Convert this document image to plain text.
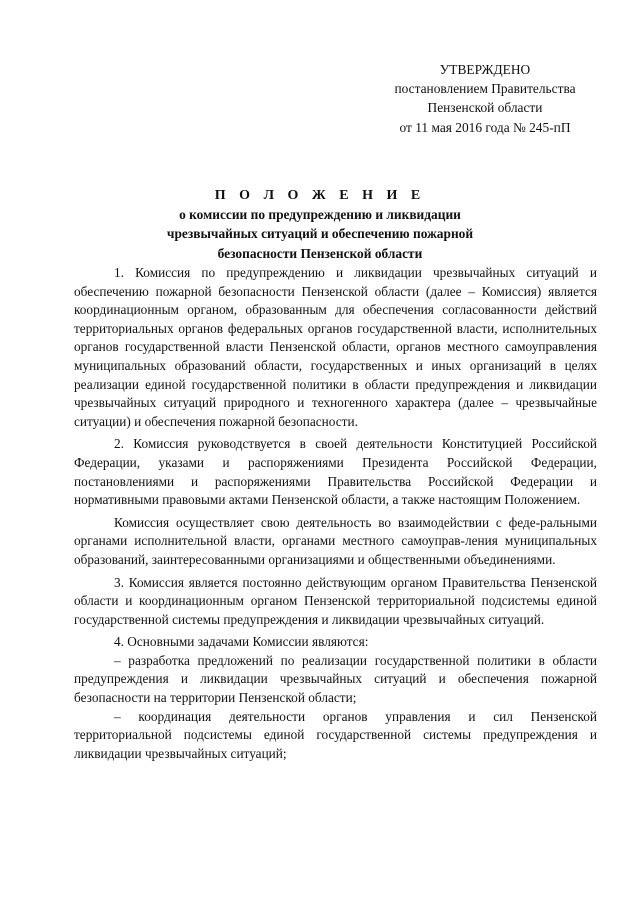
УТВЕРЖДЕНО
постановлением Правительства
Пензенской области
от 11 мая 2016 года № 245-пП
П О Л О Ж Е Н И Е
о комиссии по предупреждению и ликвидации
чрезвычайных ситуаций и обеспечению пожарной
безопасности Пензенской области

1. Комиссия по предупреждению и ликвидации чрезвычайных ситуаций и обеспечению пожарной безопасности Пензенской области (далее – Комиссия) является координационным органом, образованным для обеспечения согласованности действий территориальных органов федеральных органов государственной власти, исполнительных органов государственной власти Пензенской области, органов местного самоуправления муниципальных образований области, государственных и иных организаций в целях реализации единой государственной политики в области предупреждения и ликвидации чрезвычайных ситуаций природного и техногенного характера (далее – чрезвычайные ситуации) и обеспечения пожарной безопасности.

2. Комиссия руководствуется в своей деятельности Конституцией Российской Федерации, указами и распоряжениями Президента Российской Федерации, постановлениями и распоряжениями Правительства Российской Федерации и нормативными правовыми актами Пензенской области, а также настоящим Положением.

Комиссия осуществляет свою деятельность во взаимодействии с феде-ральными органами исполнительной власти, органами местного самоуправ-ления муниципальных образований, заинтересованными организациями и общественными объединениями.

3. Комиссия является постоянно действующим органом Правительства Пензенской области и координационным органом Пензенской территориальной подсистемы единой государственной системы предупреждения и ликвидации чрезвычайных ситуаций.

4. Основными задачами Комиссии являются:

– разработка предложений по реализации государственной политики в области предупреждения и ликвидации чрезвычайных ситуаций и обеспечения пожарной безопасности на территории Пензенской области;

– координация деятельности органов управления и сил Пензенской территориальной подсистемы единой государственной системы предупреждения и ликвидации чрезвычайных ситуаций;
